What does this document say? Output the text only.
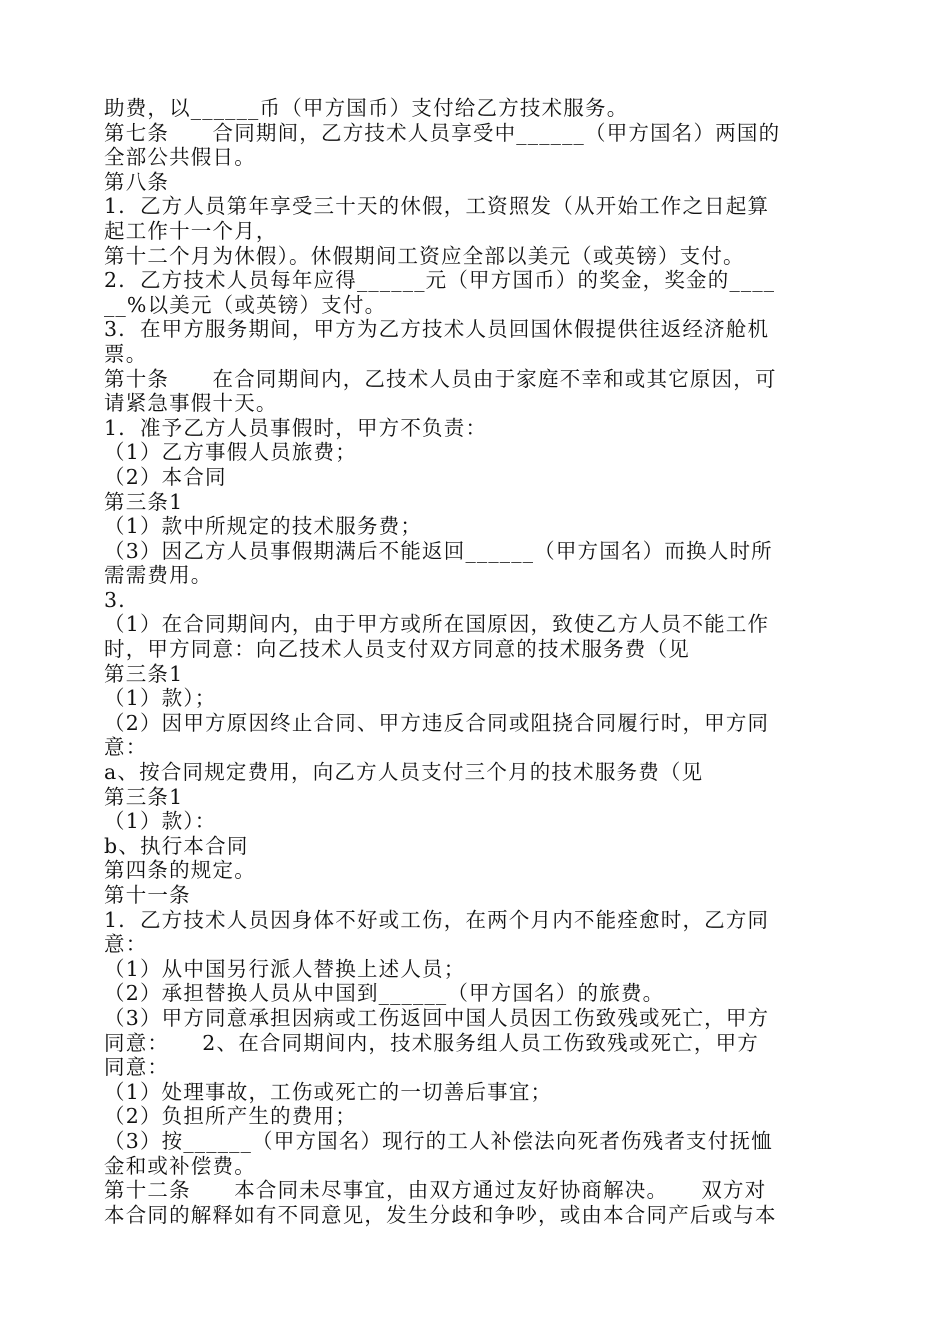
助费，以______币（甲方国币）支付给乙方技术服务。
第七条　　合同期间，乙方技术人员享受中______（甲方国名）两国的
全部公共假日。
第八条
1．乙方人员第年享受三十天的休假，工资照发（从开始工作之日起算
起工作十一个月，
第十二个月为休假）。休假期间工资应全部以美元（或英镑）支付。
2．乙方技术人员每年应得______元（甲方国币）的奖金，奖金的____
__%以美元（或英镑）支付。
3．在甲方服务期间，甲方为乙方技术人员回国休假提供往返经济舱机
票。
第十条　　在合同期间内，乙技术人员由于家庭不幸和或其它原因，可
请紧急事假十天。
1．准予乙方人员事假时，甲方不负责：
（1）乙方事假人员旅费；
（2）本合同
第三条1
（1）款中所规定的技术服务费；
（3）因乙方人员事假期满后不能返回______（甲方国名）而换人时所
需需费用。
3．
（1）在合同期间内，由于甲方或所在国原因，致使乙方人员不能工作
时，甲方同意：向乙技术人员支付双方同意的技术服务费（见
第三条1
（1）款）；
（2）因甲方原因终止合同、甲方违反合同或阻挠合同履行时，甲方同
意：
a、按合同规定费用，向乙方人员支付三个月的技术服务费（见
第三条1
（1）款）：
b、执行本合同
第四条的规定。
第十一条
1．乙方技术人员因身体不好或工伤，在两个月内不能痊愈时，乙方同
意：
（1）从中国另行派人替换上述人员；
（2）承担替换人员从中国到______（甲方国名）的旅费。
（3）甲方同意承担因病或工伤返回中国人员因工伤致残或死亡，甲方
同意：　　2、在合同期间内，技术服务组人员工伤致残或死亡，甲方
同意：
（1）处理事故，工伤或死亡的一切善后事宜；
（2）负担所产生的费用；
（3）按______（甲方国名）现行的工人补偿法向死者伤残者支付抚恤
金和或补偿费。
第十二条　　本合同未尽事宜，由双方通过友好协商解决。　　双方对
本合同的解释如有不同意见，发生分歧和争吵，或由本合同产后或与本
